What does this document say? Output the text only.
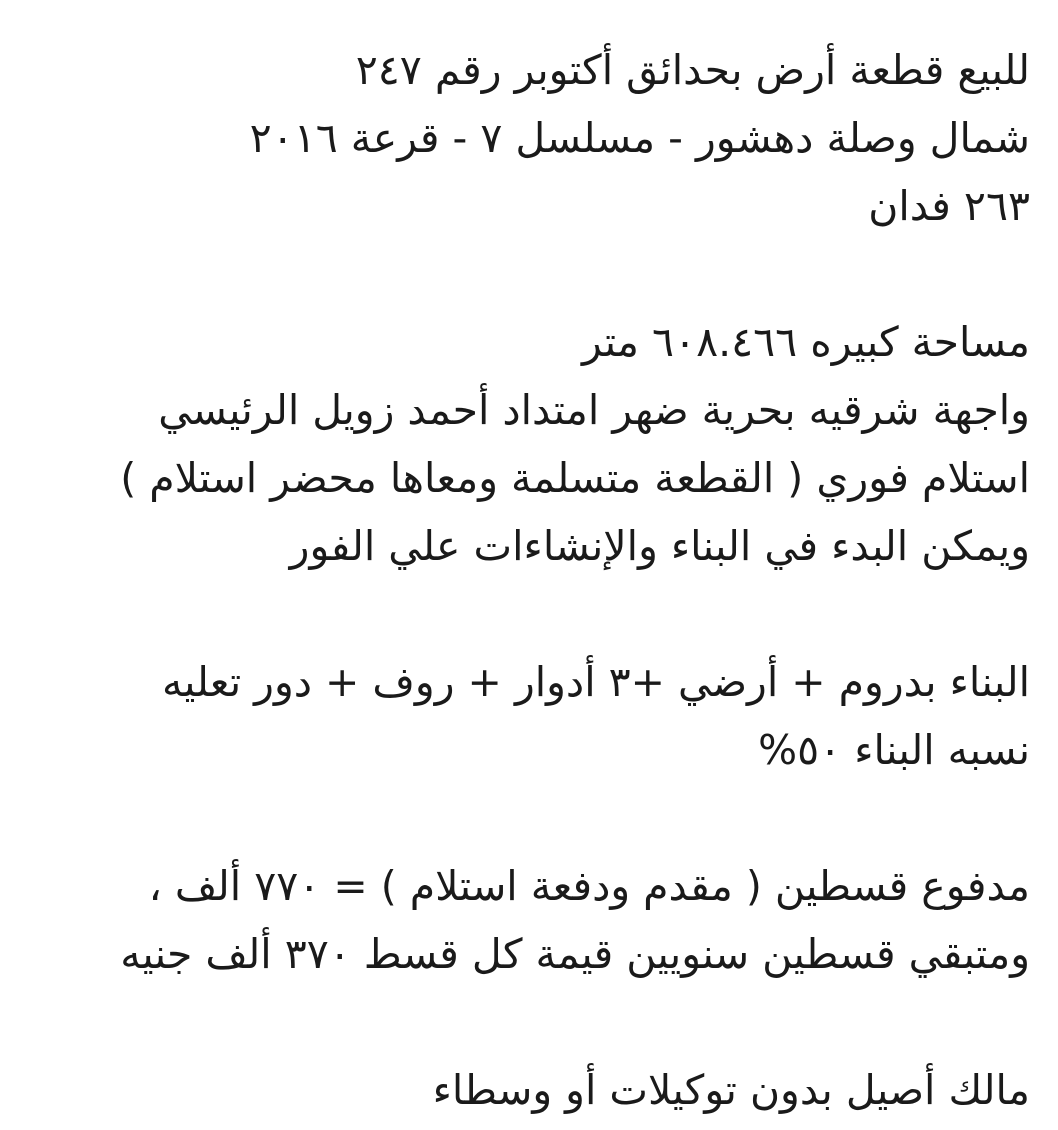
للبيع قطعة أرض بحدائق أكتوبر رقم ٢٤٧
شمال وصلة دهشور - مسلسل ٧ - قرعة ٢٠١٦
٢٦٣ فدان
مساحة كبيره ٦٠٨.٤٦٦ متر
واجهة شرقيه بحرية ضهر امتداد أحمد زويل الرئيسي
استلام فوري ( القطعة متسلمة ومعاها محضر استلام )
ويمكن البدء في البناء والإنشاءات علي الفور
البناء بدروم + أرضي +٣ أدوار + روف + دور تعليه
نسبه البناء ٥٠%
مدفوع قسطين ( مقدم ودفعة استلام ) = ٧٧٠ ألف ،
ومتبقي قسطين سنويين قيمة كل قسط ٣٧٠ ألف جنيه
مالك أصيل بدون توكيلات أو وسطاء
